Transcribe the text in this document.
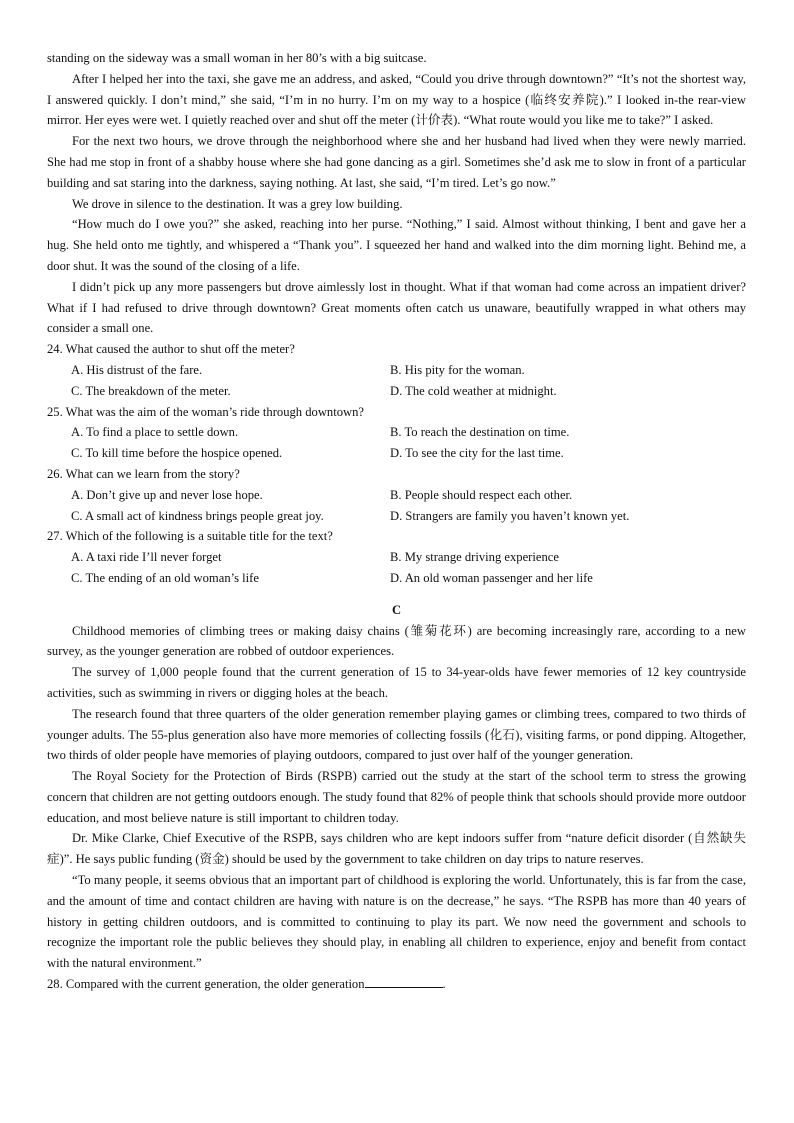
standing on the sideway was a small woman in her 80’s with a big suitcase.

After I helped her into the taxi, she gave me an address, and asked, “Could you drive through downtown?” “It’s not the shortest way, I answered quickly. I don’t mind,” she said, “I’m in no hurry. I’m on my way to a hospice (临终安养院).” I looked in-the rear-view mirror. Her eyes were wet. I quietly reached over and shut off the meter (计价表). “What route would you like me to take?” I asked.

For the next two hours, we drove through the neighborhood where she and her husband had lived when they were newly married. She had me stop in front of a shabby house where she had gone dancing as a girl. Sometimes she’d ask me to slow in front of a particular building and sat staring into the darkness, saying nothing. At last, she said, “I’m tired. Let’s go now.”

We drove in silence to the destination. It was a grey low building.

“How much do I owe you?” she asked, reaching into her purse. “Nothing,” I said. Almost without thinking, I bent and gave her a hug. She held onto me tightly, and whispered a “Thank you”. I squeezed her hand and walked into the dim morning light. Behind me, a door shut. It was the sound of the closing of a life.

I didn’t pick up any more passengers but drove aimlessly lost in thought. What if that woman had come across an impatient driver? What if I had refused to drive through downtown? Great moments often catch us unaware, beautifully wrapped in what others may consider a small one.

24. What caused the author to shut off the meter?

A. His distrust of the fare.	B. His pity for the woman.

C. The breakdown of the meter.	D. The cold weather at midnight.

25. What was the aim of the woman’s ride through downtown?

A. To find a place to settle down.	B. To reach the destination on time.

C. To kill time before the hospice opened.	D. To see the city for the last time.

26. What can we learn from the story?

A. Don’t give up and never lose hope.	B. People should respect each other.

C. A small act of kindness brings people great joy.	D. Strangers are family you haven’t known yet.

27. Which of the following is a suitable title for the text?

A. A taxi ride I’ll never forget	B. My strange driving experience

C. The ending of an old woman’s life	D. An old woman passenger and her life

C

Childhood memories of climbing trees or making daisy chains (雏菊花环) are becoming increasingly rare, according to a new survey, as the younger generation are robbed of outdoor experiences.

The survey of 1,000 people found that the current generation of 15 to 34-year-olds have fewer memories of 12 key countryside activities, such as swimming in rivers or digging holes at the beach.

The research found that three quarters of the older generation remember playing games or climbing trees, compared to two thirds of younger adults. The 55-plus generation also have more memories of collecting fossils (化石), visiting farms, or pond dipping. Altogether, two thirds of older people have memories of playing outdoors, compared to just over half of the younger generation.

The Royal Society for the Protection of Birds (RSPB) carried out the study at the start of the school term to stress the growing concern that children are not getting outdoors enough. The study found that 82% of people think that schools should provide more outdoor education, and most believe nature is still important to children today.

Dr. Mike Clarke, Chief Executive of the RSPB, says children who are kept indoors suffer from “nature deficit disorder (自然缺失症)”. He says public funding (资金) should be used by the government to take children on day trips to nature reserves.

“To many people, it seems obvious that an important part of childhood is exploring the world. Unfortunately, this is far from the case, and the amount of time and contact children are having with nature is on the decrease,” he says. “The RSPB has more than 40 years of history in getting children outdoors, and is committed to continuing to play its part. We now need the government and schools to recognize the important role the public believes they should play, in enabling all children to experience, enjoy and benefit from contact with the natural environment.”

28. Compared with the current generation, the older generation	.
